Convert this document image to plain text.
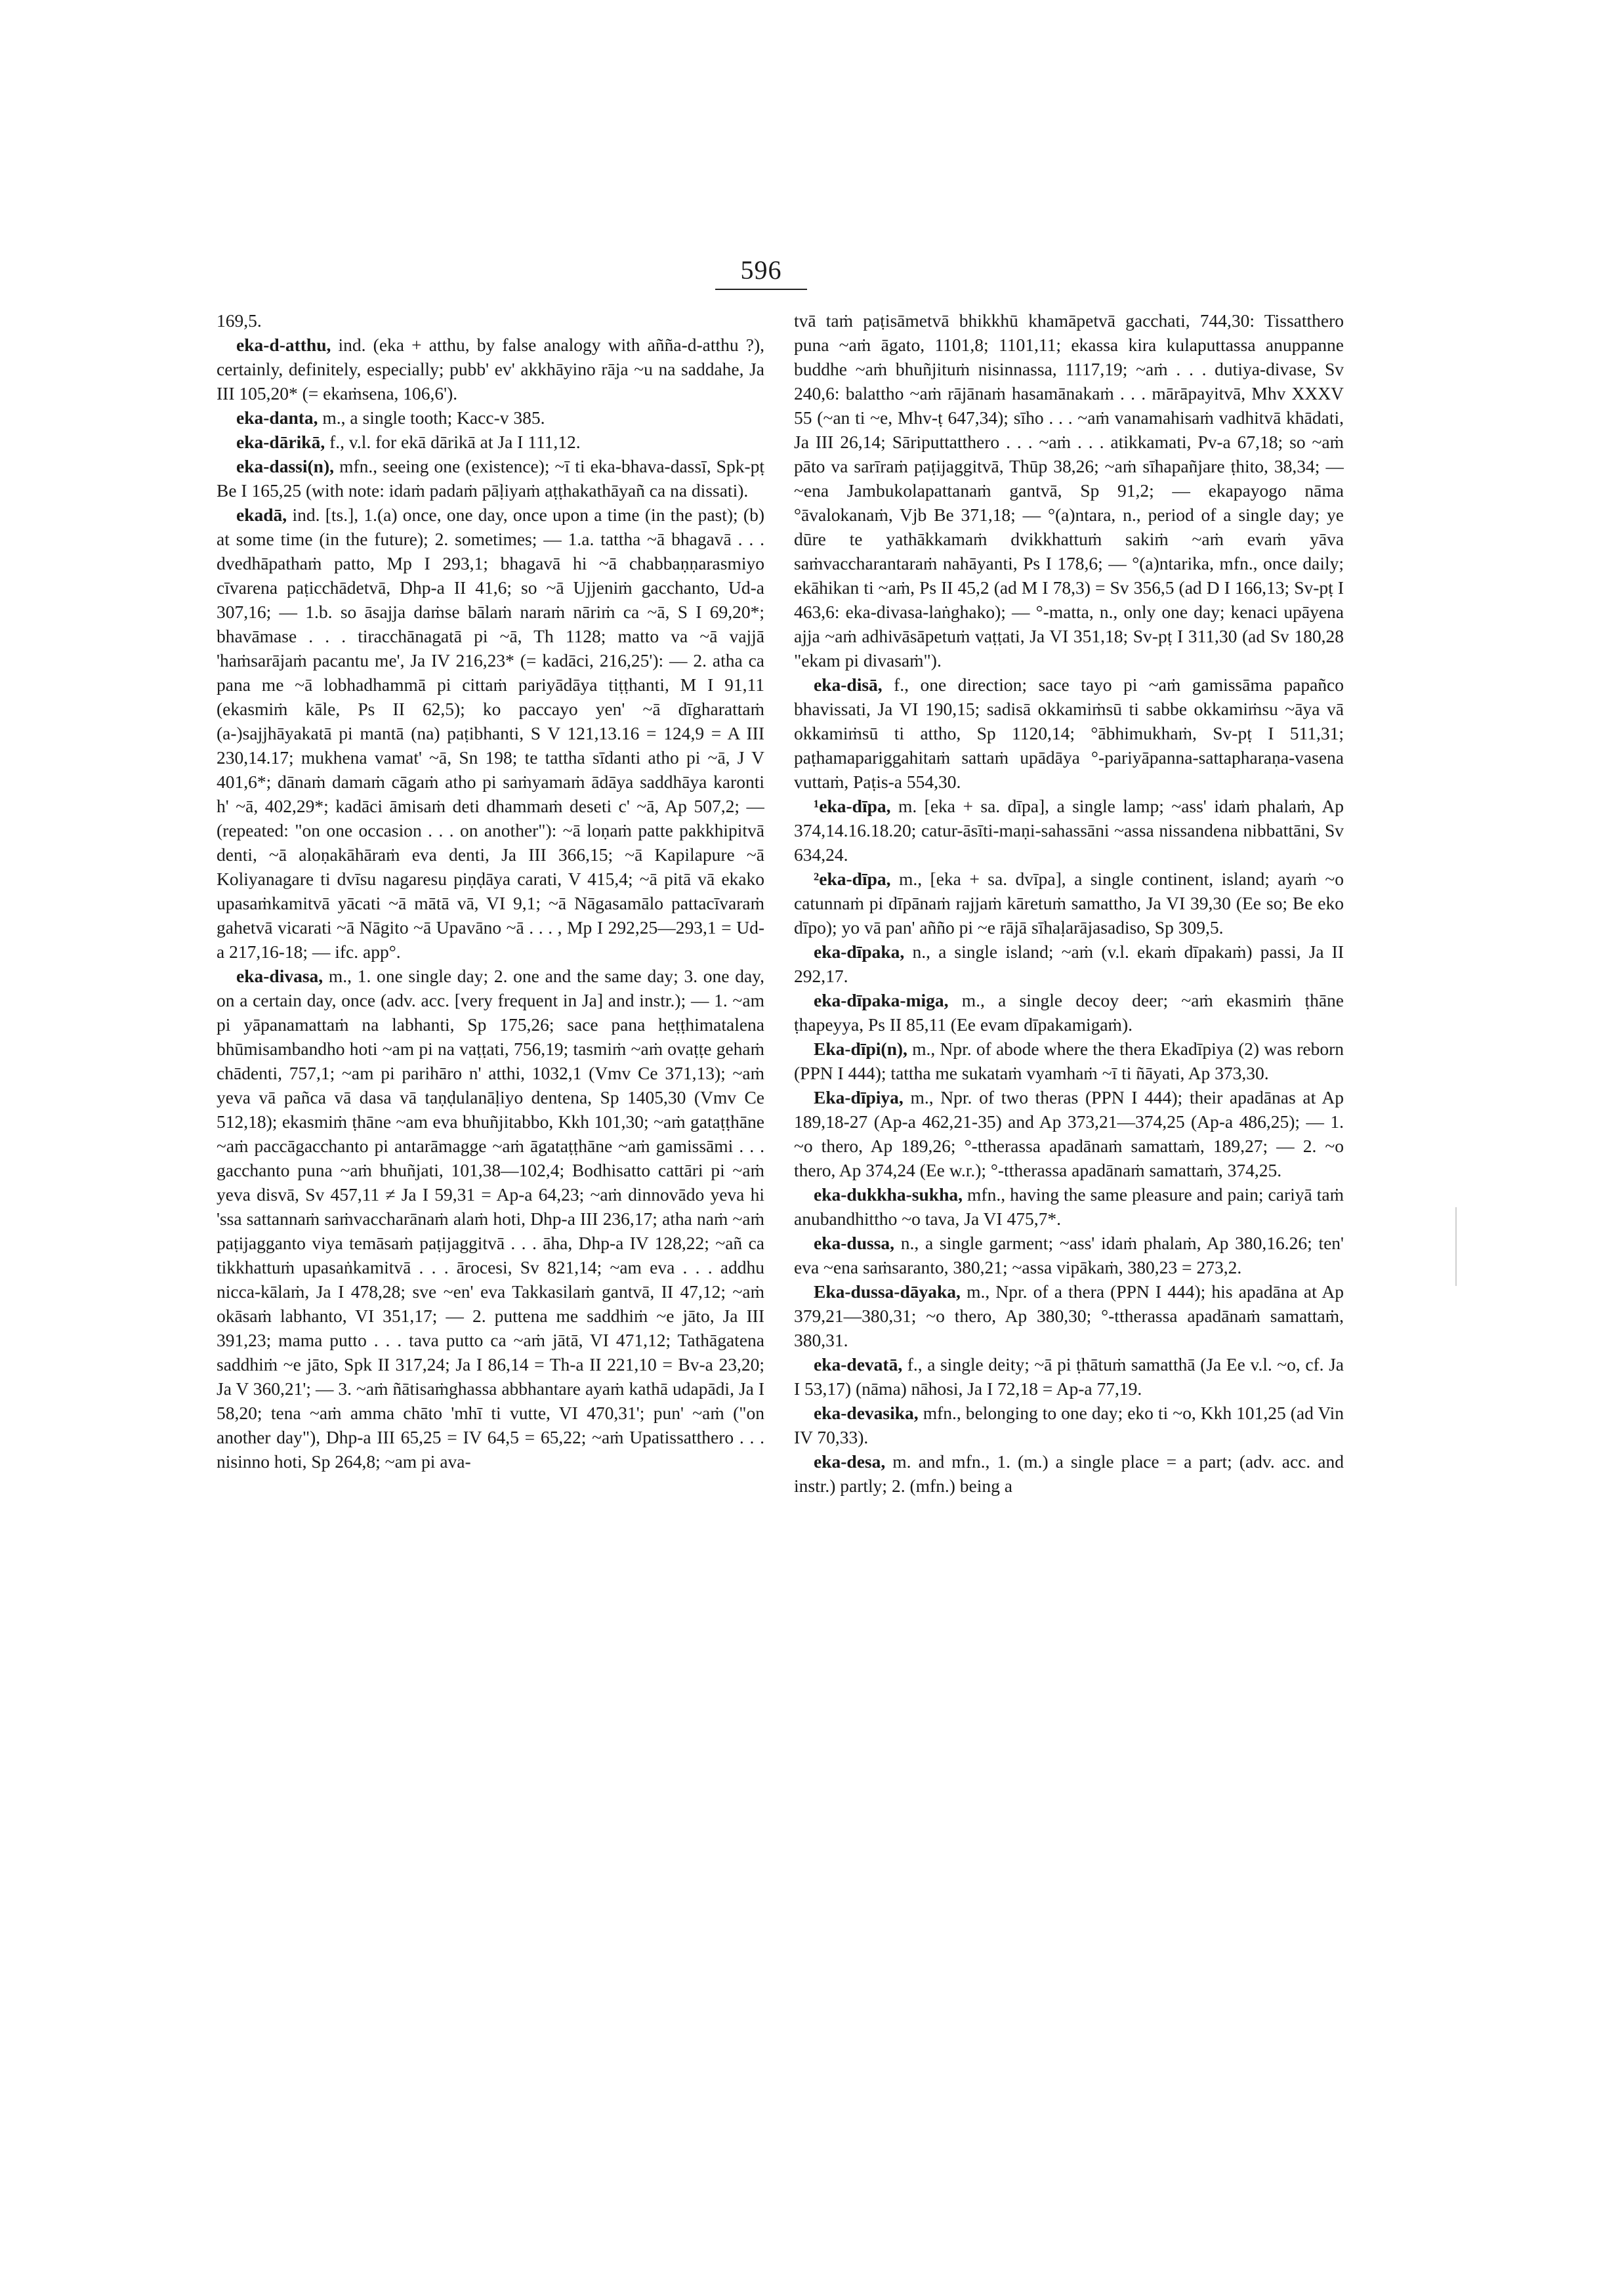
596

169,5.

eka-d-atthu, ind. (eka + atthu, by false analogy with añña-d-atthu ?), certainly, definitely, especially; pubb' ev' akkhāyino rāja ~u na saddahe, Ja III 105,20* (= ekaṁsena, 106,6').

eka-danta, m., a single tooth; Kacc-v 385.

eka-dārikā, f., v.l. for ekā dārikā at Ja I 111,12.

eka-dassi(n), mfn., seeing one (existence); ~ī ti eka-bhava-dassī, Spk-pṭ Be I 165,25 (with note: idaṁ padaṁ pāḷiyaṁ aṭṭhakathāyañ ca na dissati).

ekadā, ind. [ts.], 1.(a) once, one day, once upon a time (in the past); (b) at some time (in the future); 2. sometimes; — 1.a. tattha ~ā bhagavā . . . dvedhāpathaṁ patto, Mp I 293,1; bhagavā hi ~ā chabbaṇṇarasmiyo cīvarena paṭicchādetvā, Dhp-a II 41,6; so ~ā Ujjeniṁ gacchanto, Ud-a 307,16; — 1.b. so āsajja daṁse bālaṁ naraṁ nāriṁ ca ~ā, S I 69,20*; bhavāmase . . . tiracchānagatā pi ~ā, Th 1128; matto va ~ā vajjā 'haṁsarājaṁ pacantu me', Ja IV 216,23* (= kadāci, 216,25'): — 2. atha ca pana me ~ā lobhadhammā pi cittaṁ pariyādāya tiṭṭhanti, M I 91,11 (ekasmiṁ kāle, Ps II 62,5); ko paccayo yen' ~ā dīgharattaṁ (a-)sajjhāyakatā pi mantā (na) paṭibhanti, S V 121,13.16 = 124,9 = A III 230,14.17; mukhena vamat' ~ā, Sn 198; te tattha sīdanti atho pi ~ā, J V 401,6*; dānaṁ damaṁ cāgaṁ atho pi saṁyamaṁ ādāya saddhāya karonti h' ~ā, 402,29*; kadāci āmisaṁ deti dhammaṁ deseti c' ~ā, Ap 507,2; — (repeated: "on one occasion . . . on another"): ~ā loṇaṁ patte pakkhipitvā denti, ~ā aloṇakāhāraṁ eva denti, Ja III 366,15; ~ā Kapilapure ~ā Koliyanagare ti dvīsu nagaresu piṇḍāya carati, V 415,4; ~ā pitā vā ekako upasaṁkamitvā yācati ~ā mātā vā, VI 9,1; ~ā Nāgasamālo pattacīvaraṁ gahetvā vicarati ~ā Nāgito ~ā Upavāno ~ā . . . , Mp I 292,25—293,1 = Ud-a 217,16-18; — ifc. app°.

eka-divasa, m., 1. one single day; 2. one and the same day; 3. one day, on a certain day, once (adv. acc. [very frequent in Ja] and instr.); — 1. ~am pi yāpanamattaṁ na labhanti, Sp 175,26; sace pana heṭṭhimatalena bhūmisambandho hoti ~am pi na vaṭṭati, 756,19; tasmiṁ ~aṁ ovaṭṭe gehaṁ chādenti, 757,1; ~am pi parihāro n' atthi, 1032,1 (Vmv Ce 371,13); ~aṁ yeva vā pañca vā dasa vā taṇḍulanāḷiyo dentena, Sp 1405,30 (Vmv Ce 512,18); ekasmiṁ ṭhāne ~am eva bhuñjitabbo, Kkh 101,30; ~aṁ gataṭṭhāne ~aṁ paccāgacchanto pi antarāmagge ~aṁ āgataṭṭhāne ~aṁ gamissāmi . . . gacchanto puna ~aṁ bhuñjati, 101,38—102,4; Bodhisatto cattāri pi ~aṁ yeva disvā, Sv 457,11 ≠ Ja I 59,31 = Ap-a 64,23; ~aṁ dinnovādo yeva hi 'ssa sattannaṁ saṁvaccharānaṁ alaṁ hoti, Dhp-a III 236,17; atha naṁ ~aṁ paṭijagganto viya temāsaṁ paṭijaggitvā . . . āha, Dhp-a IV 128,22; ~añ ca tikkhattuṁ upasaṅkamitvā . . . ārocesi, Sv 821,14; ~am eva . . . addhu nicca-kālaṁ, Ja I 478,28; sve ~en' eva Takkasilaṁ gantvā, II 47,12; ~aṁ okāsaṁ labhanto, VI 351,17; — 2. puttena me saddhiṁ ~e jāto, Ja III 391,23; mama putto . . . tava putto ca ~aṁ jātā, VI 471,12; Tathāgatena saddhiṁ ~e jāto, Spk II 317,24; Ja I 86,14 = Th-a II 221,10 = Bv-a 23,20; Ja V 360,21'; — 3. ~aṁ ñātisaṁghassa abbhantare ayaṁ kathā udapādi, Ja I 58,20; tena ~aṁ amma chāto 'mhī ti vutte, VI 470,31'; pun' ~aṁ ("on another day"), Dhp-a III 65,25 = IV 64,5 = 65,22; ~aṁ Upatissatthero . . . nisinno hoti, Sp 264,8; ~am pi ava-

tvā taṁ paṭisāmetvā bhikkhū khamāpetvā gacchati, 744,30: Tissatthero puna ~aṁ āgato, 1101,8; 1101,11; ekassa kira kulaputtassa anuppanne buddhe ~aṁ bhuñjituṁ nisinnassa, 1117,19; ~aṁ . . . dutiya-divase, Sv 240,6: balattho ~aṁ rājānaṁ hasamānakaṁ . . . mārāpayitvā, Mhv XXXV 55 (~an ti ~e, Mhv-ṭ 647,34); sīho . . . ~aṁ vanamahisaṁ vadhitvā khādati, Ja III 26,14; Sāriputtatthero . . . ~aṁ . . . atikkamati, Pv-a 67,18; so ~aṁ pāto va sarīraṁ paṭijaggitvā, Thūp 38,26; ~aṁ sīhapañjare ṭhito, 38,34; — ~ena Jambukolapattanaṁ gantvā, Sp 91,2; — ekapayogo nāma °āvalokanaṁ, Vjb Be 371,18; — °(a)ntara, n., period of a single day; ye dūre te yathākkamaṁ dvikkhattuṁ sakiṁ ~aṁ evaṁ yāva saṁvaccharantaraṁ nahāyanti, Ps I 178,6; — °(a)ntarika, mfn., once daily; ekāhikan ti ~aṁ, Ps II 45,2 (ad M I 78,3) = Sv 356,5 (ad D I 166,13; Sv-pṭ I 463,6: eka-divasa-laṅghako); — °-matta, n., only one day; kenaci upāyena ajja ~aṁ adhivāsāpetuṁ vaṭṭati, Ja VI 351,18; Sv-pṭ I 311,30 (ad Sv 180,28 "ekam pi divasaṁ").

eka-disā, f., one direction; sace tayo pi ~aṁ gamissāma papañco bhavissati, Ja VI 190,15; sadisā okkamiṁsū ti sabbe okkamiṁsu ~āya vā okkamiṁsū ti attho, Sp 1120,14; °ābhimukhaṁ, Sv-pṭ I 511,31; paṭhamapariggahitaṁ sattaṁ upādāya °-pariyāpanna-sattapharaṇa-vasena vuttaṁ, Paṭis-a 554,30.

¹eka-dīpa, m. [eka + sa. dīpa], a single lamp; ~ass' idaṁ phalaṁ, Ap 374,14.16.18.20; catur-āsīti-maṇi-sahassāni ~assa nissandena nibbattāni, Sv 634,24.

²eka-dīpa, m., [eka + sa. dvīpa], a single continent, island; ayaṁ ~o catunnaṁ pi dīpānaṁ rajjaṁ kāretuṁ samattho, Ja VI 39,30 (Ee so; Be eko dīpo); yo vā pan' añño pi ~e rājā sīhaḷarājasadiso, Sp 309,5.

eka-dīpaka, n., a single island; ~aṁ (v.l. ekaṁ dīpakaṁ) passi, Ja II 292,17.

eka-dīpaka-miga, m., a single decoy deer; ~aṁ ekasmiṁ ṭhāne ṭhapeyya, Ps II 85,11 (Ee evam dīpakamigaṁ).

Eka-dīpi(n), m., Npr. of abode where the thera Ekadīpiya (2) was reborn (PPN I 444); tattha me sukataṁ vyamhaṁ ~ī ti ñāyati, Ap 373,30.

Eka-dīpiya, m., Npr. of two theras (PPN I 444); their apadānas at Ap 189,18-27 (Ap-a 462,21-35) and Ap 373,21—374,25 (Ap-a 486,25); — 1. ~o thero, Ap 189,26; °-ttherassa apadānaṁ samattaṁ, 189,27; — 2. ~o thero, Ap 374,24 (Ee w.r.); °-ttherassa apadānaṁ samattaṁ, 374,25.

eka-dukkha-sukha, mfn., having the same pleasure and pain; cariyā taṁ anubandhittho ~o tava, Ja VI 475,7*.

eka-dussa, n., a single garment; ~ass' idaṁ phalaṁ, Ap 380,16.26; ten' eva ~ena saṁsaranto, 380,21; ~assa vipākaṁ, 380,23 = 273,2.

Eka-dussa-dāyaka, m., Npr. of a thera (PPN I 444); his apadāna at Ap 379,21—380,31; ~o thero, Ap 380,30; °-ttherassa apadānaṁ samattaṁ, 380,31.

eka-devatā, f., a single deity; ~ā pi ṭhātuṁ samatthā (Ja Ee v.l. ~o, cf. Ja I 53,17) (nāma) nāhosi, Ja I 72,18 = Ap-a 77,19.

eka-devasika, mfn., belonging to one day; eko ti ~o, Kkh 101,25 (ad Vin IV 70,33).

eka-desa, m. and mfn., 1. (m.) a single place = a part; (adv. acc. and instr.) partly; 2. (mfn.) being a
